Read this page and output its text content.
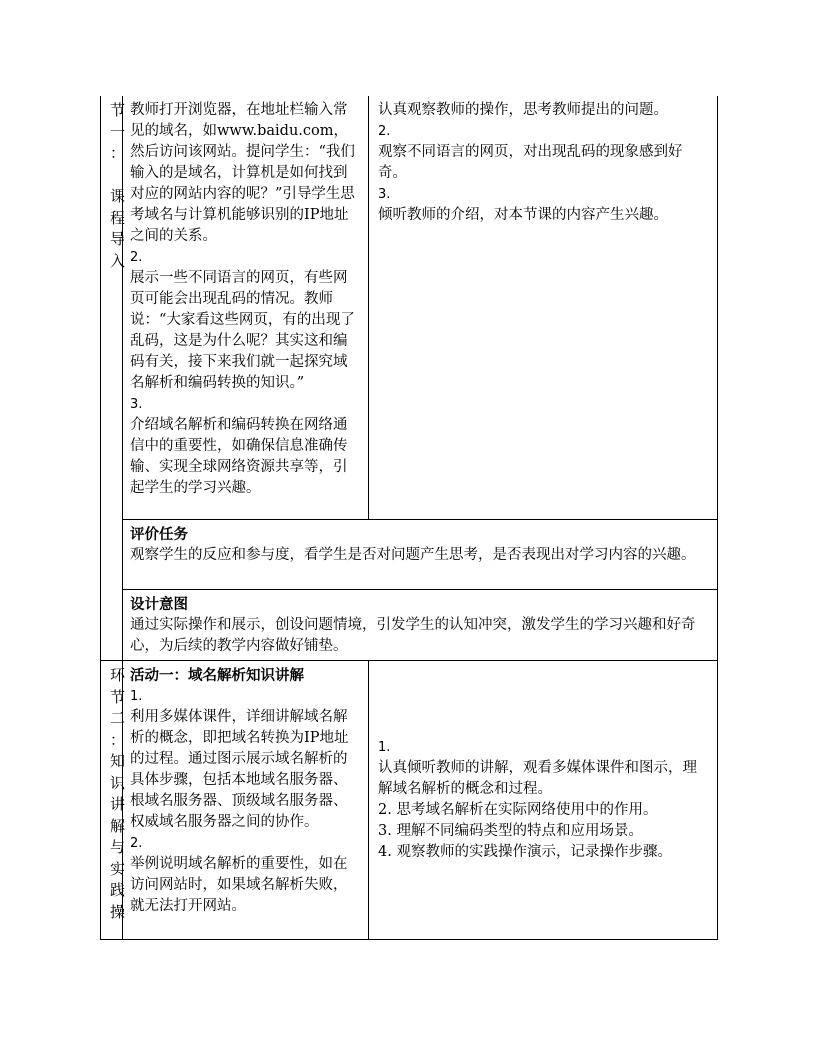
节
一
：

课
程
导
入

教师打开浏览器，在地址栏输入常见的域名，如www.baidu.com，然后访问该网站。提问学生：“我们输入的是域名，计算机是如何找到对应的网站内容的呢？”引导学生思考域名与计算机能够识别的IP地址之间的关系。

2.

展示一些不同语言的网页，有些网页可能会出现乱码的情况。教师说：“大家看这些网页，有的出现了乱码，这是为什么呢？其实这和编码有关，接下来我们就一起探究域名解析和编码转换的知识。”

3.

介绍域名解析和编码转换在网络通信中的重要性，如确保信息准确传输、实现全球网络资源共享等，引起学生的学习兴趣。

认真观察教师的操作，思考教师提出的问题。

2.

观察不同语言的网页，对出现乱码的现象感到好奇。

3.

倾听教师的介绍，对本节课的内容产生兴趣。

评价任务

观察学生的反应和参与度，看学生是否对问题产生思考，是否表现出对学习内容的兴趣。

设计意图

通过实际操作和展示，创设问题情境，引发学生的认知冲突，激发学生的学习兴趣和好奇心，为后续的教学内容做好铺垫。

环
节
二
：
知
识
讲
解
与
实
践
操

活动一：域名解析知识讲解

1.

利用多媒体课件，详细讲解域名解析的概念，即把域名转换为IP地址的过程。通过图示展示域名解析的具体步骤，包括本地域名服务器、根域名服务器、顶级域名服务器、权威域名服务器之间的协作。

2.

举例说明域名解析的重要性，如在访问网站时，如果域名解析失败，就无法打开网站。

1.

认真倾听教师的讲解，观看多媒体课件和图示，理解域名解析的概念和过程。

2. 思考域名解析在实际网络使用中的作用。

3. 理解不同编码类型的特点和应用场景。

4. 观察教师的实践操作演示，记录操作步骤。
